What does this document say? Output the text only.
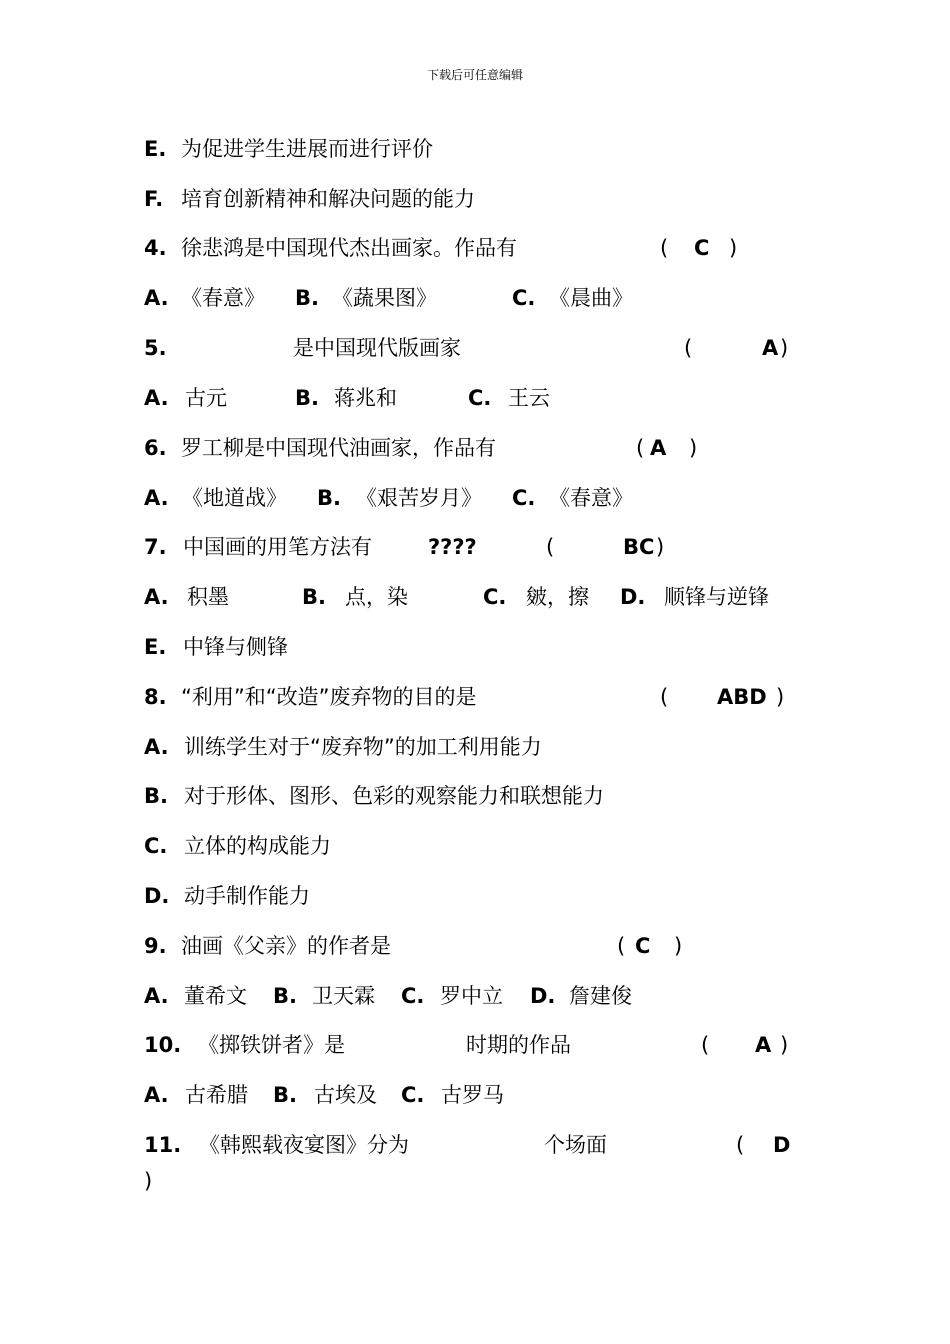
下载后可任意编辑
E. 为促进学生进展而进行评价
F. 培育创新精神和解决问题的能力
4. 徐悲鸿是中国现代杰出画家。作品有	( C )
A. 《春意》 B. 《蔬果图》	C. 《晨曲》
5.	是中国现代版画家	(	A )
A. 古元	B. 蒋兆和	C. 王云
6. 罗工柳是中国现代油画家，作品有	( A )
A. 《地道战》 B. 《艰苦岁月》 C. 《春意》
7. 中国画的用笔方法有	????	(	BC )
A. 积墨	B. 点，染	C. 皴，擦 D. 顺锋与逆锋
E. 中锋与侧锋
8. “利用”和“改造”废弃物的目的是	( ABD )
A. 训练学生对于“废弃物”的加工利用能力
B. 对于形体、图形、色彩的观察能力和联想能力
C. 立体的构成能力
D. 动手制作能力
9. 油画《父亲》的作者是	( C )
A. 董希文 B. 卫天霖 C. 罗中立 D. 詹建俊
10. 《掷铁饼者》是	时期的作品	( A )
A. 古希腊 B. 古埃及 C. 古罗马
11. 《韩熙载夜宴图》分为	个场面	( D
)
